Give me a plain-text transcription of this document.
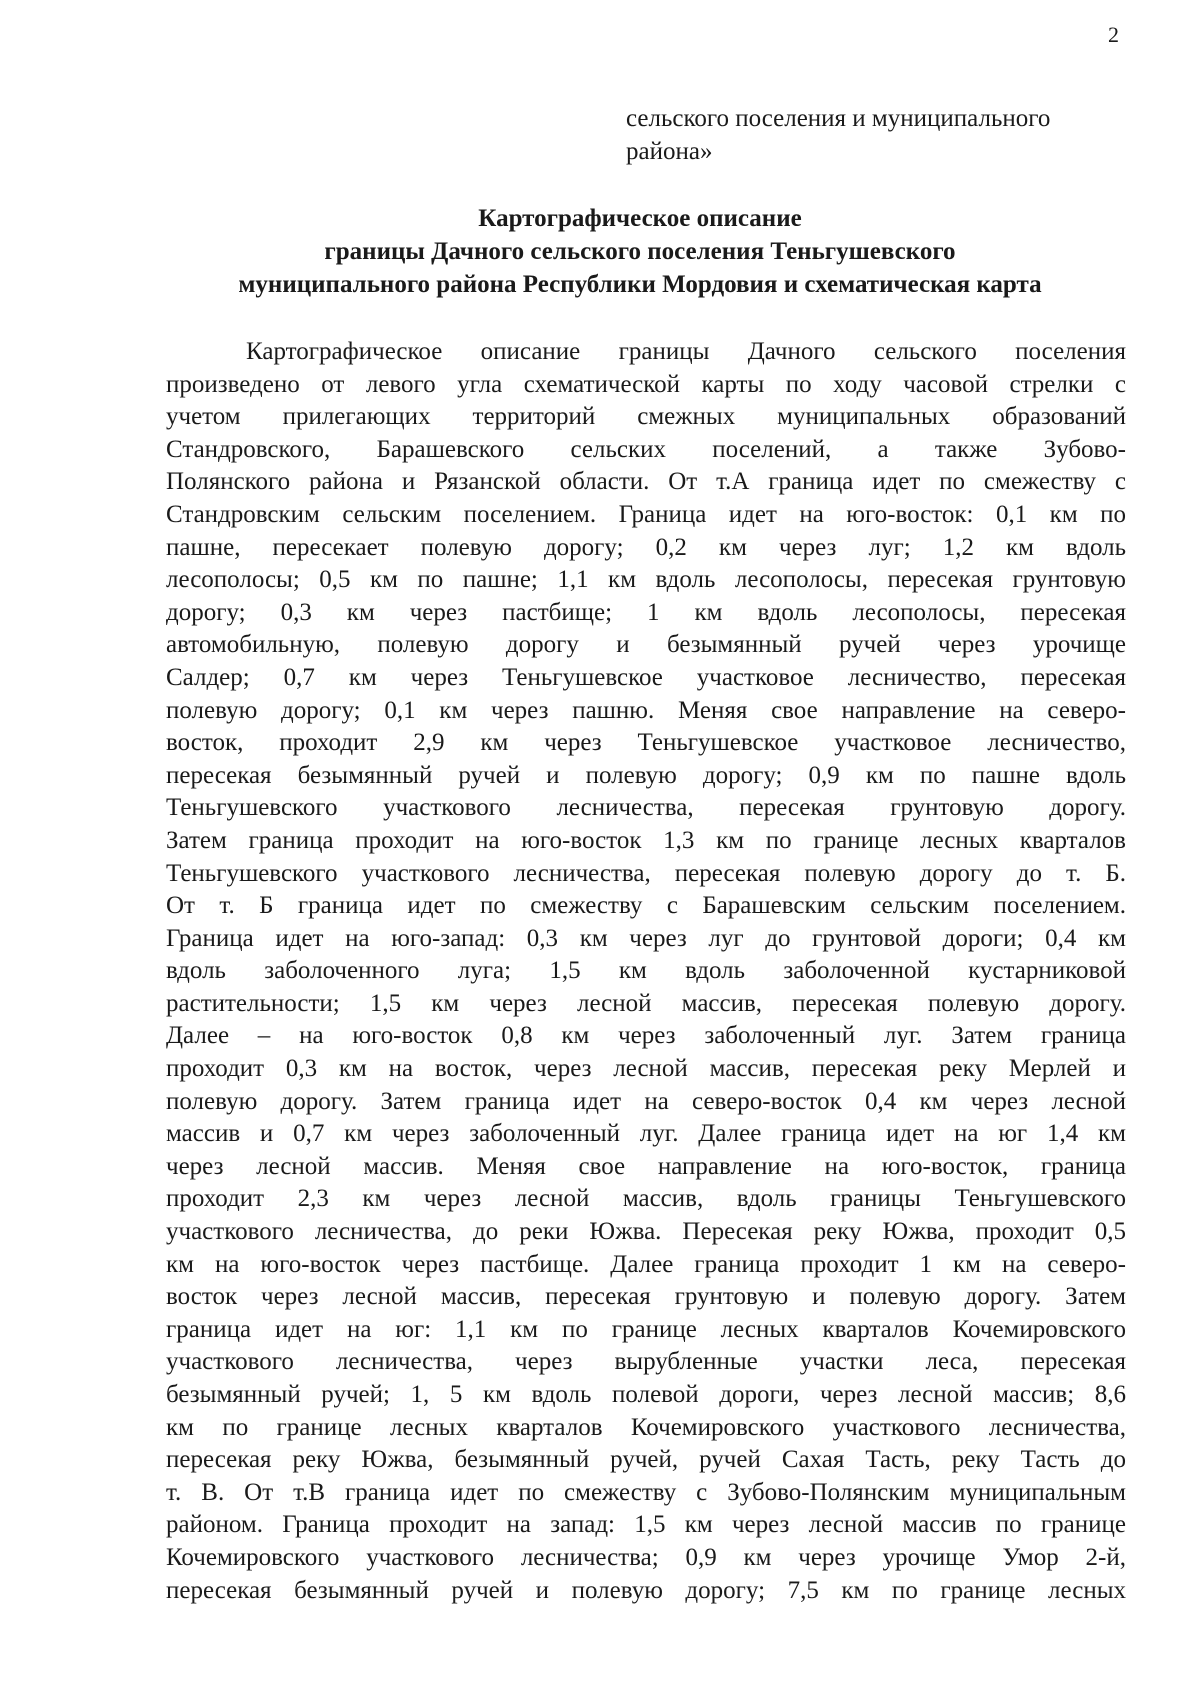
2
сельского поселения и муниципального
района»
Картографическое описание
границы Дачного сельского поселения Теньгушевского
муниципального района Республики Мордовия и схематическая карта
Картографическое описание границы Дачного сельского поселения
произведено от левого угла схематической карты по ходу часовой стрелки с
учетом прилегающих территорий смежных муниципальных образований
Стандровского, Барашевского сельских поселений, а также Зубово-
Полянского района и Рязанской области. От т.А граница идет по смежеству с
Стандровским сельским поселением. Граница идет на юго-восток: 0,1 км по
пашне, пересекает полевую дорогу; 0,2 км через луг; 1,2 км вдоль
лесополосы; 0,5 км по пашне; 1,1 км вдоль лесополосы, пересекая грунтовую
дорогу; 0,3 км через пастбище; 1 км вдоль лесополосы, пересекая
автомобильную, полевую дорогу и безымянный ручей через урочище
Салдер; 0,7 км через Теньгушевское участковое лесничество, пересекая
полевую дорогу; 0,1 км через пашню. Меняя свое направление на северо-
восток, проходит 2,9 км через Теньгушевское участковое лесничество,
пересекая безымянный ручей и полевую дорогу; 0,9 км по пашне вдоль
Теньгушевского участкового лесничества, пересекая грунтовую дорогу.
Затем граница проходит на юго-восток 1,3 км по границе лесных кварталов
Теньгушевского участкового лесничества, пересекая полевую дорогу до т. Б.
От т. Б граница идет по смежеству с Барашевским сельским поселением.
Граница идет на юго-запад: 0,3 км через луг до грунтовой дороги; 0,4 км
вдоль заболоченного луга; 1,5 км вдоль заболоченной кустарниковой
растительности; 1,5 км через лесной массив, пересекая полевую дорогу.
Далее – на юго-восток 0,8 км через заболоченный луг. Затем граница
проходит 0,3 км на восток, через лесной массив, пересекая реку Мерлей и
полевую дорогу. Затем граница идет на северо-восток 0,4 км через лесной
массив и 0,7 км через заболоченный луг. Далее граница идет на юг 1,4 км
через лесной массив. Меняя свое направление на юго-восток, граница
проходит 2,3 км через лесной массив, вдоль границы Теньгушевского
участкового лесничества, до реки Южва. Пересекая реку Южва, проходит 0,5
км на юго-восток через пастбище. Далее граница проходит 1 км на северо-
восток через лесной массив, пересекая грунтовую и полевую дорогу. Затем
граница идет на юг: 1,1 км по границе лесных кварталов Кочемировского
участкового лесничества, через вырубленные участки леса, пересекая
безымянный ручей; 1, 5 км вдоль полевой дороги, через лесной массив; 8,6
км по границе лесных кварталов Кочемировского участкового лесничества,
пересекая реку Южва, безымянный ручей, ручей Сахая Тасть, реку Тасть до
т. В. От т.В граница идет по смежеству с Зубово-Полянским муниципальным
районом. Граница проходит на запад: 1,5 км через лесной массив по границе
Кочемировского участкового лесничества; 0,9 км через урочище Умор 2-й,
пересекая безымянный ручей и полевую дорогу; 7,5 км по границе лесных
